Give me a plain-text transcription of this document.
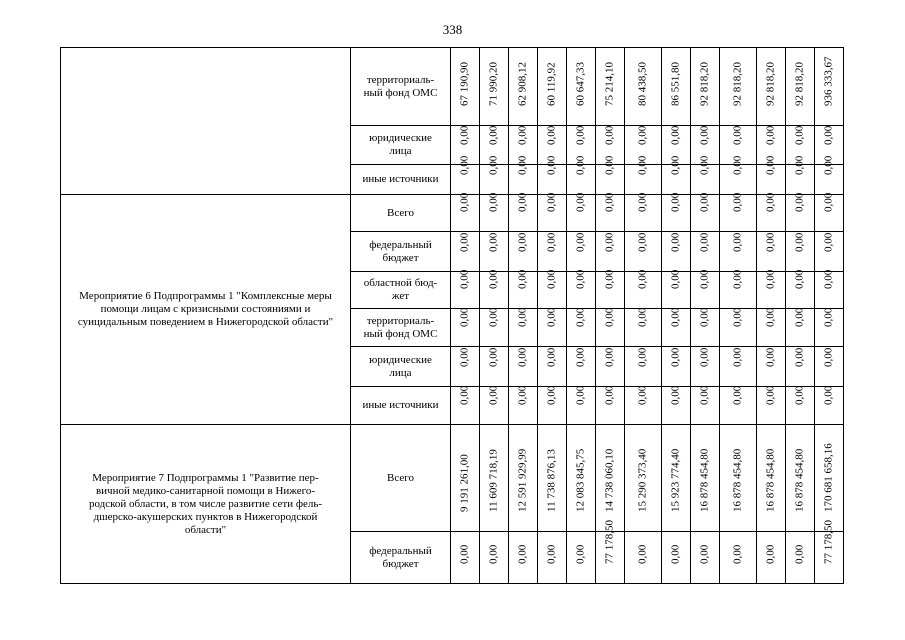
338
	территориаль-
ный фонд ОМС	67 190,90	71 990,20	62 908,12	60 119,92	60 647,33	75 214,10	80 438,50	86 551,80	92 818,20	92 818,20	92 818,20	92 818,20	936 333,67

	юридические
лица	0,00	0,00	0,00	0,00	0,00	0,00	0,00	0,00	0,00	0,00	0,00	0,00	0,00

	иные источники	0,00	0,00	0,00	0,00	0,00	0,00	0,00	0,00	0,00	0,00	0,00	0,00	0,00

Мероприятие 6 Подпрограммы 1 "Комплексные меры помощи лицам с кризисными состояниями и суицидальным поведением в Нижегородской области"	Всего	0,00	0,00	0,00	0,00	0,00	0,00	0,00	0,00	0,00	0,00	0,00	0,00	0,00

	федеральный
бюджет	0,00	0,00	0,00	0,00	0,00	0,00	0,00	0,00	0,00	0,00	0,00	0,00	0,00

	областной бюд-
жет	0,00	0,00	0,00	0,00	0,00	0,00	0,00	0,00	0,00	0,00	0,00	0,00	0,00

	территориаль-
ный фонд ОМС	0,00	0,00	0,00	0,00	0,00	0,00	0,00	0,00	0,00	0,00	0,00	0,00	0,00

	юридические
лица	0,00	0,00	0,00	0,00	0,00	0,00	0,00	0,00	0,00	0,00	0,00	0,00	0,00

	иные источники	0,00	0,00	0,00	0,00	0,00	0,00	0,00	0,00	0,00	0,00	0,00	0,00	0,00

Мероприятие 7 Подпрограммы 1 "Развитие пер-
вичной медико-санитарной помощи в Нижего-
родской области, в том числе развитие сети фель-
дшерско-акушерских пунктов в Нижегородской
области"	Всего	9 191 261,00	11 609 718,19	12 591 929,99	11 738 876,13	12 083 845,75	14 738 060,10	15 290 373,40	15 923 774,40	16 878 454,80	16 878 454,80	16 878 454,80	16 878 454,80	170 681 658,16

	федеральный
бюджет	0,00	0,00	0,00	0,00	0,00	77 178,50	0,00	0,00	0,00	0,00	0,00	0,00	77 178,50
